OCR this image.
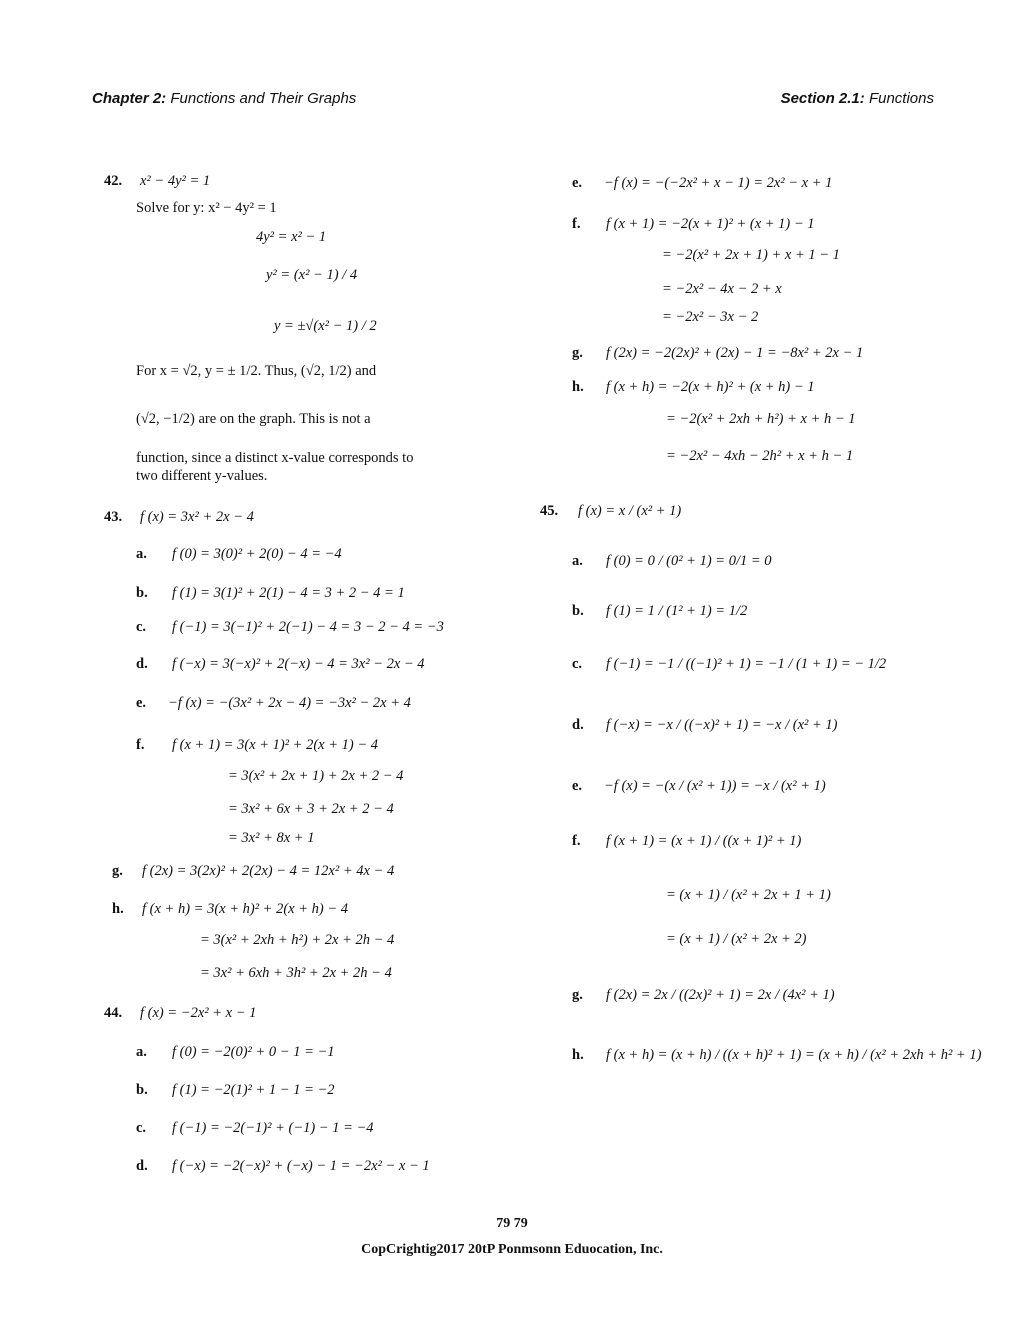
Chapter 2: Functions and Their Graphs	Section 2.1: Functions
42. x² − 4y² = 1
Solve for y: x² − 4y² = 1
4y² = x² − 1
y² = (x² − 1) / 4
y = ±√(x² − 1) / 2
For x = √2, y = ± 1/2. Thus, (√2, 1/2) and
(√2, −1/2) are on the graph. This is not a
function, since a distinct x-value corresponds to
two different y-values.
43. f (x) = 3x² + 2x − 4
a. f (0) = 3(0)² + 2(0) − 4 = −4
b. f (1) = 3(1)² + 2(1) − 4 = 3 + 2 − 4 = 1
c. f (−1) = 3(−1)² + 2(−1) − 4 = 3 − 2 − 4 = −3
d. f (−x) = 3(−x)² + 2(−x) − 4 = 3x² − 2x − 4
e. −f (x) = −(3x² + 2x − 4) = −3x² − 2x + 4
f. f (x + 1) = 3(x + 1)² + 2(x + 1) − 4
= 3(x² + 2x + 1) + 2x + 2 − 4
= 3x² + 6x + 3 + 2x + 2 − 4
= 3x² + 8x + 1
g. f (2x) = 3(2x)² + 2(2x) − 4 = 12x² + 4x − 4
h. f (x + h) = 3(x + h)² + 2(x + h) − 4
= 3(x² + 2xh + h²) + 2x + 2h − 4
= 3x² + 6xh + 3h² + 2x + 2h − 4
44. f (x) = −2x² + x − 1
a. f (0) = −2(0)² + 0 − 1 = −1
b. f (1) = −2(1)² + 1 − 1 = −2
c. f (−1) = −2(−1)² + (−1) − 1 = −4
d. f (−x) = −2(−x)² + (−x) − 1 = −2x² − x − 1
e. −f (x) = −(−2x² + x − 1) = 2x² − x + 1
f. f (x + 1) = −2(x + 1)² + (x + 1) − 1
= −2(x² + 2x + 1) + x + 1 − 1
= −2x² − 4x − 2 + x
= −2x² − 3x − 2
g. f (2x) = −2(2x)² + (2x) − 1 = −8x² + 2x − 1
h. f (x + h) = −2(x + h)² + (x + h) − 1
= −2(x² + 2xh + h²) + x + h − 1
= −2x² − 4xh − 2h² + x + h − 1
45. f (x) = x / (x² + 1)
a. f (0) = 0 / (0² + 1) = 0/1 = 0
b. f (1) = 1 / (1² + 1) = 1/2
c. f (−1) = −1 / ((−1)² + 1) = −1 / (1 + 1) = − 1/2
d. f (−x) = −x / ((−x)² + 1) = −x / (x² + 1)
e. −f (x) = −(x / (x² + 1)) = −x / (x² + 1)
f. f (x + 1) = (x + 1) / ((x + 1)² + 1)
= (x + 1) / (x² + 2x + 1 + 1)
= (x + 1) / (x² + 2x + 2)
g. f (2x) = 2x / ((2x)² + 1) = 2x / (4x² + 1)
h. f (x + h) = (x + h) / ((x + h)² + 1) = (x + h) / (x² + 2xh + h² + 1)
79 79
CopCrightig2017 20tP Ponmsonn Eduocation, Inc.
